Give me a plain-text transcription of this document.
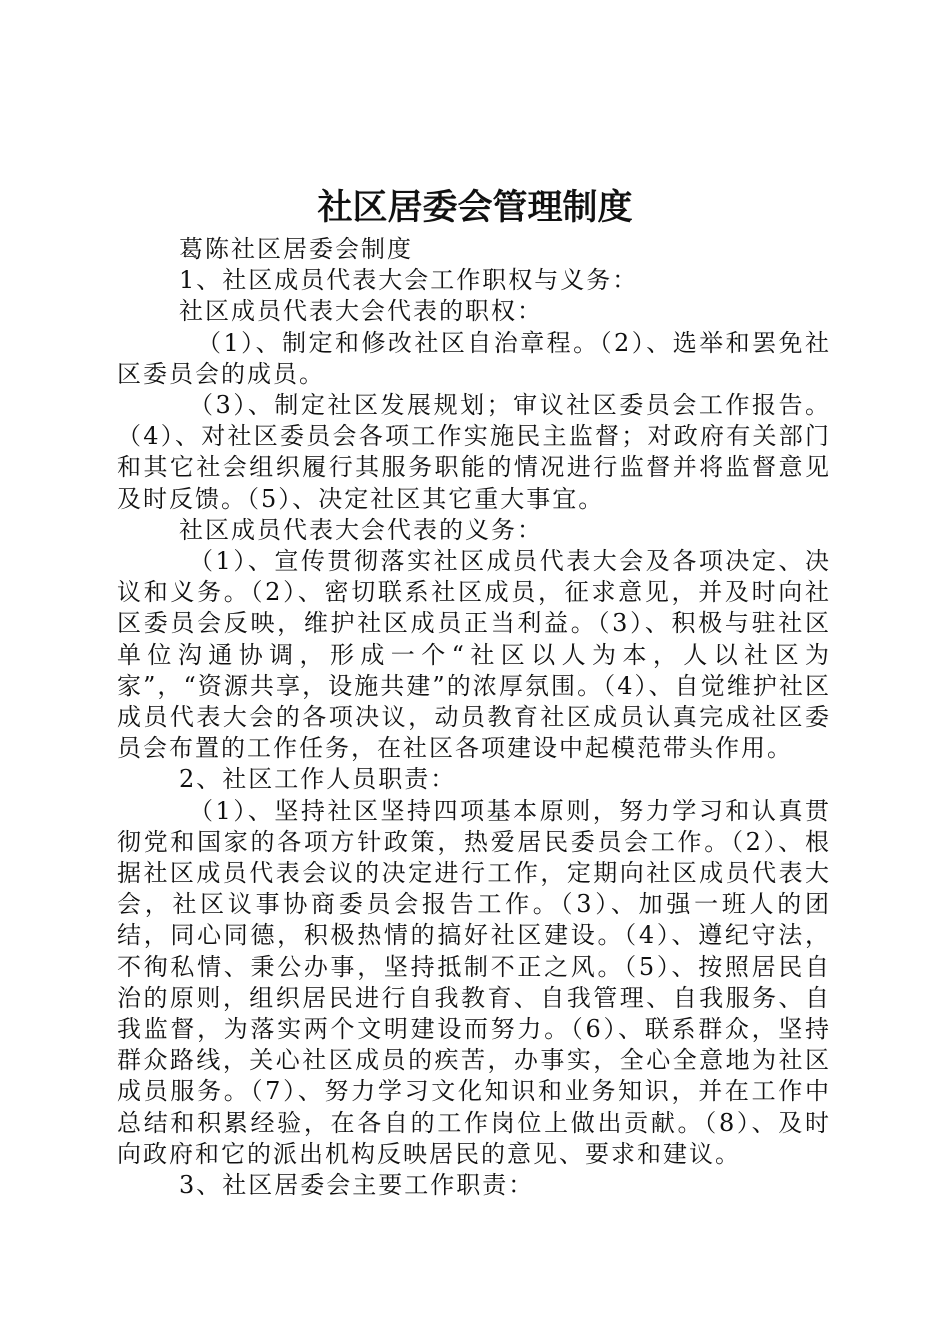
社区居委会管理制度

葛陈社区居委会制度

1、社区成员代表大会工作职权与义务：

社区成员代表大会代表的职权：

（1）、制定和修改社区自治章程。（2）、选举和罢免社区委员会的成员。

（3）、制定社区发展规划；审议社区委员会工作报告。（4）、对社区委员会各项工作实施民主监督；对政府有关部门和其它社会组织履行其服务职能的情况进行监督并将监督意见及时反馈。（5）、决定社区其它重大事宜。

社区成员代表大会代表的义务：

（1）、宣传贯彻落实社区成员代表大会及各项决定、决议和义务。（2）、密切联系社区成员，征求意见，并及时向社区委员会反映，维护社区成员正当利益。（3）、积极与驻社区单位沟通协调，形成一个“社区以人为本，人以社区为家”，“资源共享，设施共建”的浓厚氛围。（4）、自觉维护社区成员代表大会的各项决议，动员教育社区成员认真完成社区委员会布置的工作任务，在社区各项建设中起模范带头作用。

2、社区工作人员职责：

（1）、坚持社区坚持四项基本原则，努力学习和认真贯彻党和国家的各项方针政策，热爱居民委员会工作。（2）、根据社区成员代表会议的决定进行工作，定期向社区成员代表大会，社区议事协商委员会报告工作。（3）、加强一班人的团结，同心同德，积极热情的搞好社区建设。（4）、遵纪守法，不徇私情、秉公办事，坚持抵制不正之风。（5）、按照居民自治的原则，组织居民进行自我教育、自我管理、自我服务、自我监督，为落实两个文明建设而努力。（6）、联系群众，坚持群众路线，关心社区成员的疾苦，办事实，全心全意地为社区成员服务。（7）、努力学习文化知识和业务知识，并在工作中总结和积累经验，在各自的工作岗位上做出贡献。（8）、及时向政府和它的派出机构反映居民的意见、要求和建议。

3、社区居委会主要工作职责：
